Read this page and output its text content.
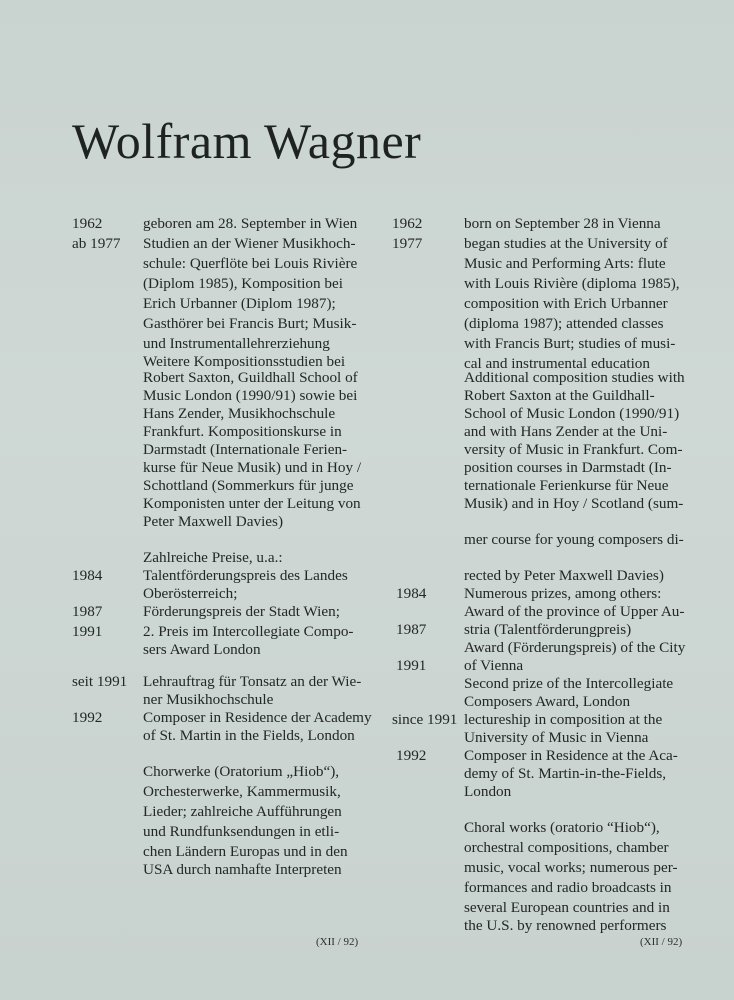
Wolfram Wagner
1962
ab 1977
1984
1987
1991
seit 1991
1992
geboren am 28. September in Wien
Studien an der Wiener Musikhoch-
schule: Querflöte bei Louis Rivière
(Diplom 1985), Komposition bei
Erich Urbanner (Diplom 1987);
Gasthörer bei Francis Burt; Musik-
und Instrumentallehrerziehung
Weitere Kompositionsstudien bei
Robert Saxton, Guildhall School of
Music London (1990/91) sowie bei
Hans Zender, Musikhochschule
Frankfurt. Kompositionskurse in
Darmstadt (Internationale Ferien-
kurse für Neue Musik) und in Hoy /
Schottland (Sommerkurs für junge
Komponisten unter der Leitung von
Peter Maxwell Davies)
Zahlreiche Preise, u.a.:
Talentförderungspreis des Landes
Oberösterreich;
Förderungspreis der Stadt Wien;
2. Preis im Intercollegiate Compo-
sers Award London
Lehrauftrag für Tonsatz an der Wie-
ner Musikhochschule
Composer in Residence der Academy
of St. Martin in the Fields, London
Chorwerke (Oratorium „Hiob“),
Orchesterwerke, Kammermusik,
Lieder; zahlreiche Aufführungen
und Rundfunksendungen in etli-
chen Ländern Europas und in den
USA durch namhafte Interpreten
1962
1977
1984
1987
1991
since 1991
1992
born on September 28 in Vienna
began studies at the University of
Music and Performing Arts: flute
with Louis Rivière (diploma 1985),
composition with Erich Urbanner
(diploma 1987); attended classes
with Francis Burt; studies of musi-
cal and instrumental education
Additional composition studies with
Robert Saxton at the Guildhall-
School of Music London (1990/91)
and with Hans Zender at the Uni-
versity of Music in Frankfurt. Com-
position courses in Darmstadt (In-
ternationale Ferienkurse für Neue
Musik) and in Hoy / Scotland (sum-
mer course for young composers di-
rected by Peter Maxwell Davies)
Numerous prizes, among others:
Award of the province of Upper Au-
stria (Talentförderungpreis)
Award (Förderungspreis) of the City
of Vienna
Second prize of the Intercollegiate
Composers Award, London
lectureship in composition at the
University of Music in Vienna
Composer in Residence at the Aca-
demy of St. Martin-in-the-Fields,
London
Choral works (oratorio “Hiob“),
orchestral compositions, chamber
music, vocal works; numerous per-
formances and radio broadcasts in
several European countries and in
the U.S. by renowned performers
(XII / 92)	(XII / 92)
